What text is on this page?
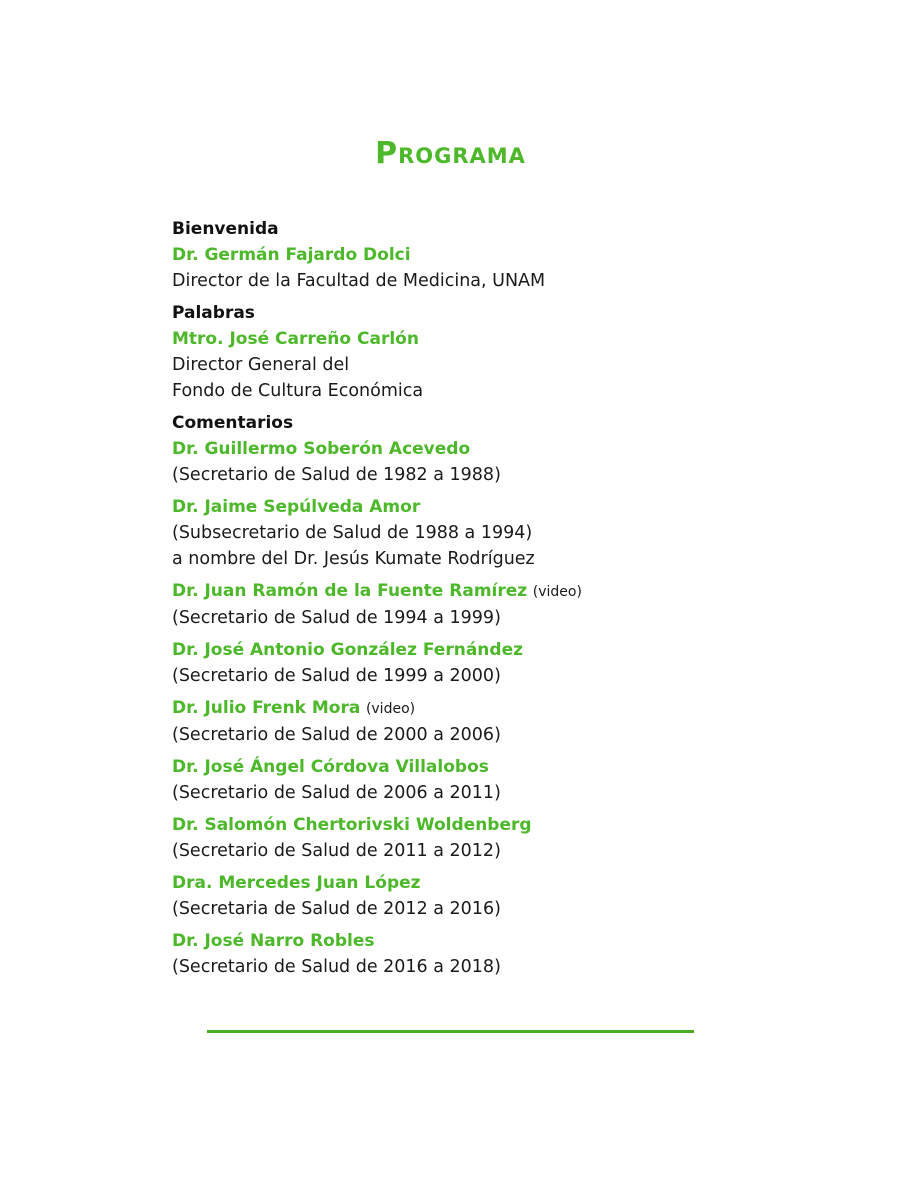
Programa
Bienvenida
Dr. Germán Fajardo Dolci
Director de la Facultad de Medicina, UNAM
Palabras
Mtro. José Carreño Carlón
Director General del
Fondo de Cultura Económica
Comentarios
Dr. Guillermo Soberón Acevedo
(Secretario de Salud de 1982 a 1988)
Dr. Jaime Sepúlveda Amor
(Subsecretario de Salud de 1988 a 1994)
a nombre del Dr. Jesús Kumate Rodríguez
Dr. Juan Ramón de la Fuente Ramírez (video)
(Secretario de Salud de 1994 a 1999)
Dr. José Antonio González Fernández
(Secretario de Salud de 1999 a 2000)
Dr. Julio Frenk Mora (video)
(Secretario de Salud de 2000 a 2006)
Dr. José Ángel Córdova Villalobos
(Secretario de Salud de 2006 a 2011)
Dr. Salomón Chertorivski Woldenberg
(Secretario de Salud de 2011 a 2012)
Dra. Mercedes Juan López
(Secretaria de Salud de 2012 a 2016)
Dr. José Narro Robles
(Secretario de Salud de 2016 a 2018)
